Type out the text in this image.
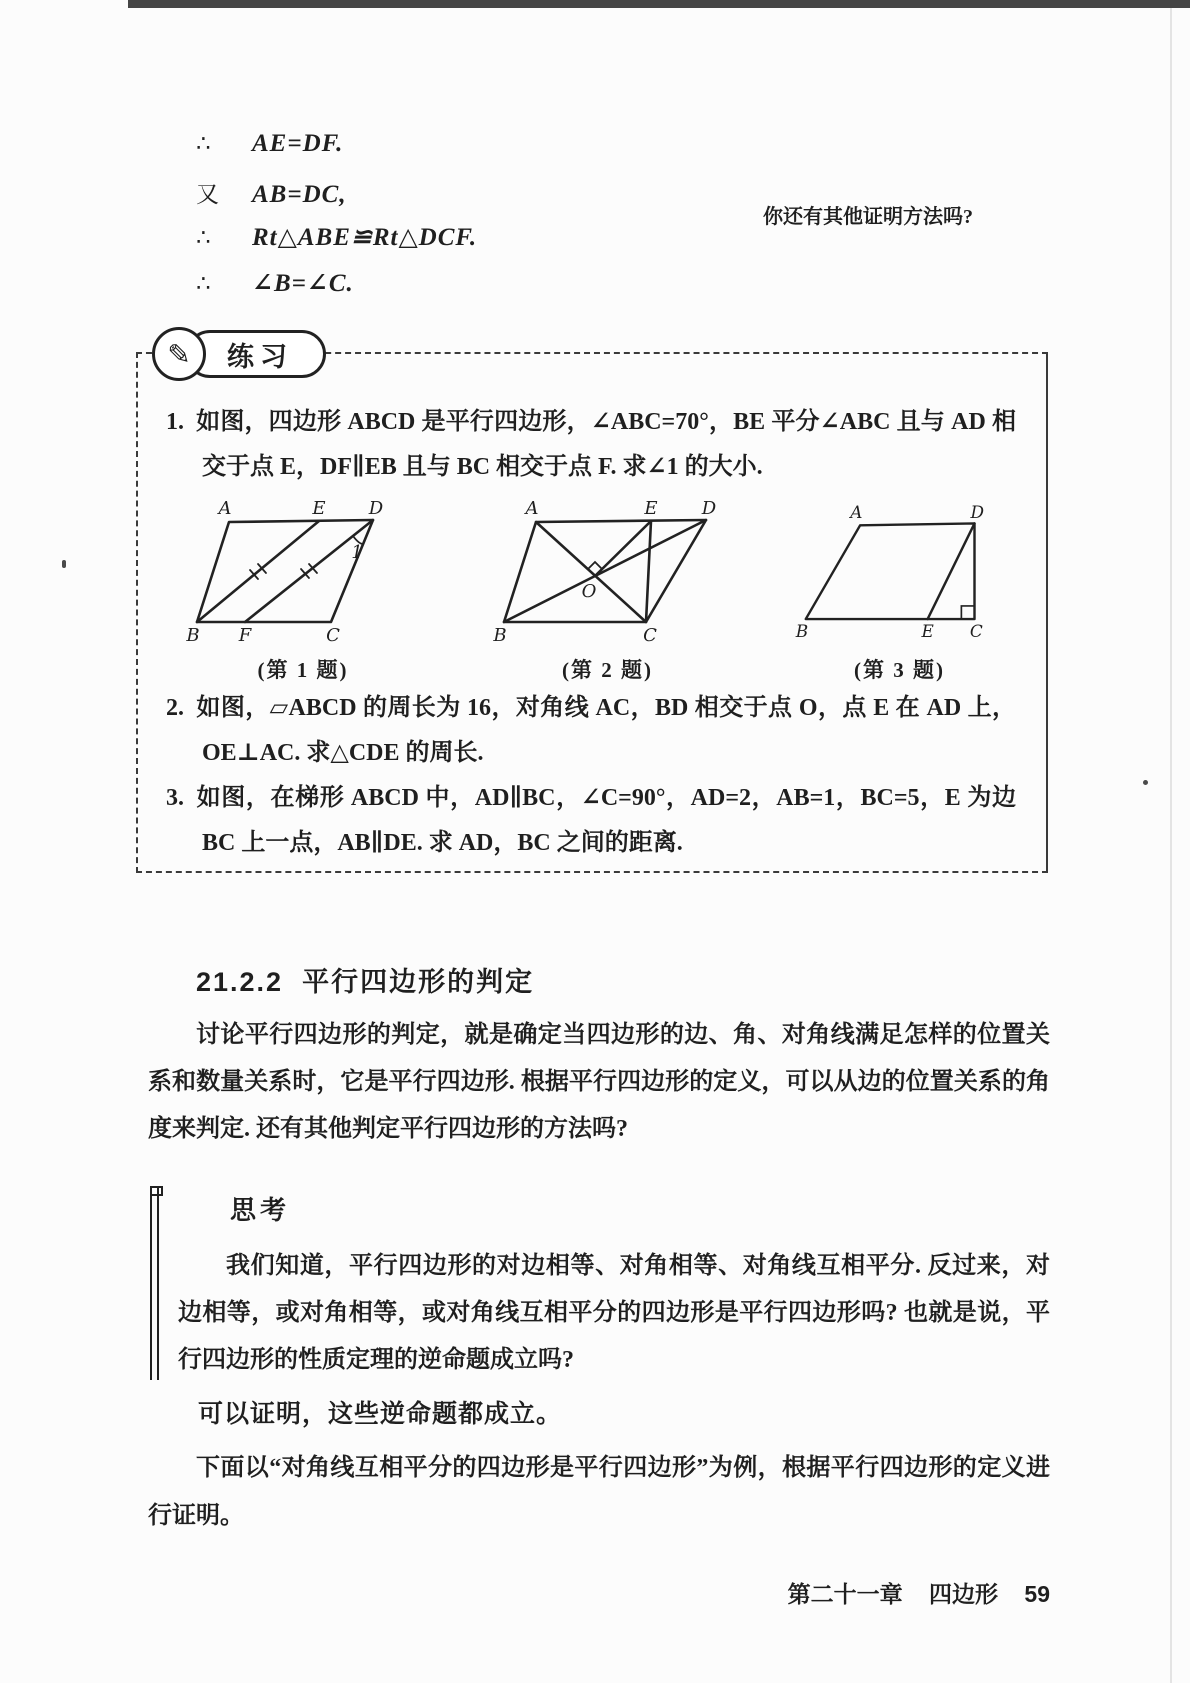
∴	AE=DF.
又	AB=DC,
∴	Rt△ABE≌Rt△DCF.
∴	∠B=∠C.
你还有其他证明方法吗?
✎	练习
1. 如图，四边形 ABCD 是平行四边形，∠ABC=70°，BE 平分∠ABC 且与 AD 相交于点 E，DF∥EB 且与 BC 相交于点 F. 求∠1 的大小.
A	E D
B F	C
1
(第 1 题)
A	E D
B	C
O
(第 2 题)
A	D
B	E C
(第 3 题)
2. 如图，▱ABCD 的周长为 16，对角线 AC，BD 相交于点 O，点 E 在 AD 上，OE⊥AC. 求△CDE 的周长.
3. 如图，在梯形 ABCD 中，AD∥BC，∠C=90°，AD=2，AB=1，BC=5，E 为边 BC 上一点，AB∥DE. 求 AD，BC 之间的距离.
21.2.2 平行四边形的判定
讨论平行四边形的判定，就是确定当四边形的边、角、对角线满足怎样的位置关系和数量关系时，它是平行四边形. 根据平行四边形的定义，可以从边的位置关系的角度来判定. 还有其他判定平行四边形的方法吗?
思考
我们知道，平行四边形的对边相等、对角相等、对角线互相平分. 反过来，对边相等，或对角相等，或对角线互相平分的四边形是平行四边形吗? 也就是说，平行四边形的性质定理的逆命题成立吗?
可以证明，这些逆命题都成立。
下面以“对角线互相平分的四边形是平行四边形”为例，根据平行四边形的定义进行证明。
第二十一章 四边形 59
